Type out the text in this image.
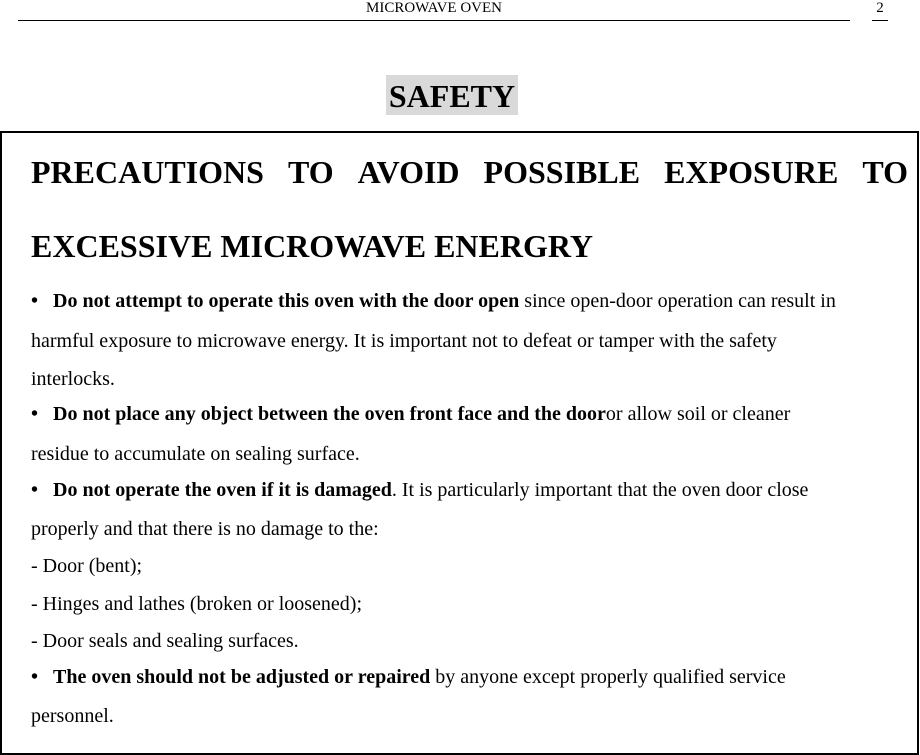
MICROWAVE OVEN	2
SAFETY
PRECAUTIONS TO AVOID POSSIBLE EXPOSURE TO
EXCESSIVE MICROWAVE ENERGRY
• Do not attempt to operate this oven with the door open since open-door operation can result in
harmful exposure to microwave energy. It is important not to defeat or tamper with the safety
interlocks.
• Do not place any object between the oven front face and the dooror allow soil or cleaner
residue to accumulate on sealing surface.
• Do not operate the oven if it is damaged. It is particularly important that the oven door close
properly and that there is no damage to the:
- Door (bent);
- Hinges and lathes (broken or loosened);
- Door seals and sealing surfaces.
• The oven should not be adjusted or repaired by anyone except properly qualified service
personnel.
